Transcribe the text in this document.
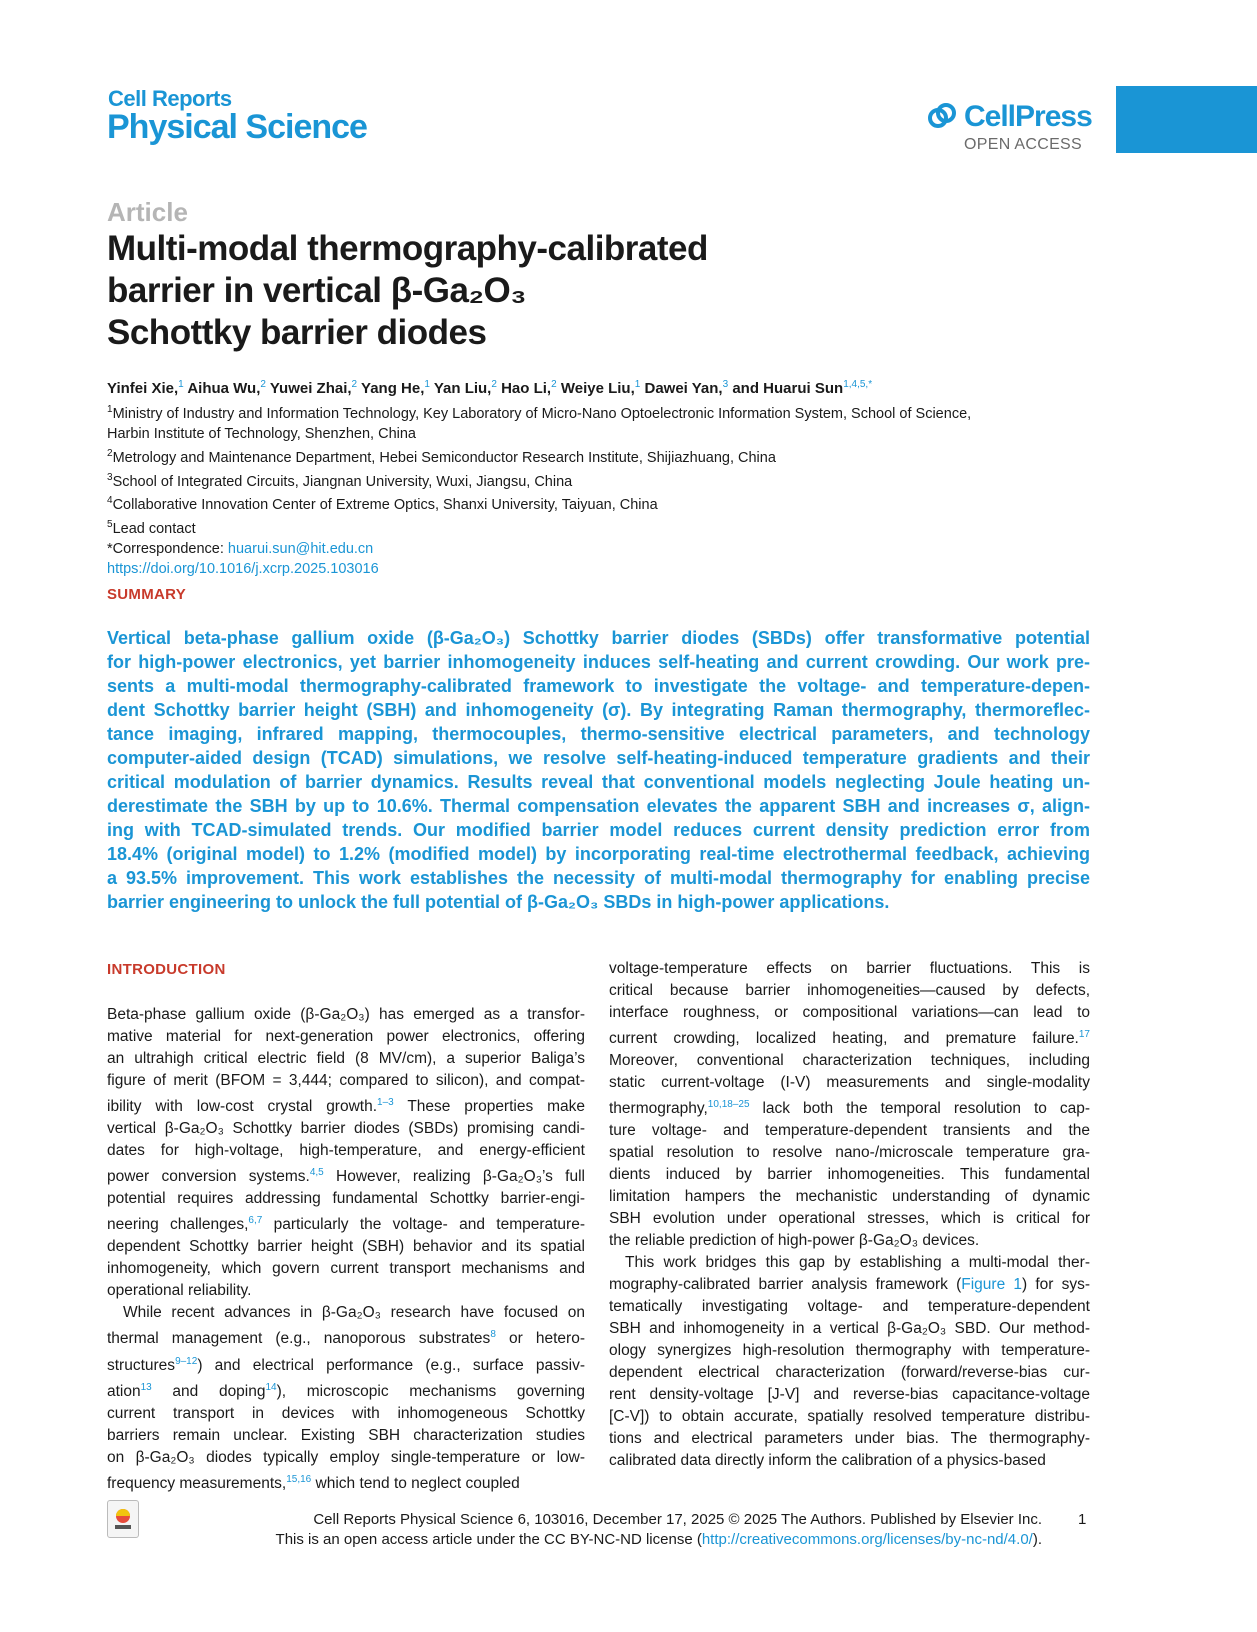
Cell Reports
Physical Science	CellPress
OPEN ACCESS
Article
Multi-modal thermography-calibrated
barrier in vertical β-Ga₂O₃
Schottky barrier diodes
Yinfei Xie,$^1$ Aihua Wu,$^2$ Yuwei Zhai,$^2$ Yang He,$^1$ Yan Liu,$^2$ Hao Li,$^2$ Weiye Liu,$^1$ Dawei Yan,$^3$ and Huarui Sun$^{1,4,5,*}$
$^1$Ministry of Industry and Information Technology, Key Laboratory of Micro-Nano Optoelectronic Information System, School of Science,
Harbin Institute of Technology, Shenzhen, China
$^2$Metrology and Maintenance Department, Hebei Semiconductor Research Institute, Shijiazhuang, China
$^3$School of Integrated Circuits, Jiangnan University, Wuxi, Jiangsu, China
$^4$Collaborative Innovation Center of Extreme Optics, Shanxi University, Taiyuan, China
$^5$Lead contact
*Correspondence: huarui.sun@hit.edu.cn
https://doi.org/10.1016/j.xcrp.2025.103016
SUMMARY
Vertical beta-phase gallium oxide (β-Ga₂O₃) Schottky barrier diodes (SBDs) offer transformative potential
for high-power electronics, yet barrier inhomogeneity induces self-heating and current crowding. Our work pre-
sents a multi-modal thermography-calibrated framework to investigate the voltage- and temperature-depen-
dent Schottky barrier height (SBH) and inhomogeneity (σ). By integrating Raman thermography, thermoreflec-
tance imaging, infrared mapping, thermocouples, thermo-sensitive electrical parameters, and technology
computer-aided design (TCAD) simulations, we resolve self-heating-induced temperature gradients and their
critical modulation of barrier dynamics. Results reveal that conventional models neglecting Joule heating un-
derestimate the SBH by up to 10.6%. Thermal compensation elevates the apparent SBH and increases σ, align-
ing with TCAD-simulated trends. Our modified barrier model reduces current density prediction error from
18.4% (original model) to 1.2% (modified model) by incorporating real-time electrothermal feedback, achieving
a 93.5% improvement. This work establishes the necessity of multi-modal thermography for enabling precise
barrier engineering to unlock the full potential of β-Ga₂O₃ SBDs in high-power applications.
INTRODUCTION
Beta-phase gallium oxide (β-Ga₂O₃) has emerged as a transfor-
mative material for next-generation power electronics, offering
an ultrahigh critical electric field (8 MV/cm), a superior Baliga’s
figure of merit (BFOM = 3,444; compared to silicon), and compat-
ibility with low-cost crystal growth.$^{1-3}$ These properties make
vertical β-Ga₂O₃ Schottky barrier diodes (SBDs) promising candi-
dates for high-voltage, high-temperature, and energy-efficient
power conversion systems.$^{4,5}$ However, realizing β-Ga₂O₃’s full
potential requires addressing fundamental Schottky barrier-engi-
neering challenges,$^{6,7}$ particularly the voltage- and temperature-
dependent Schottky barrier height (SBH) behavior and its spatial
inhomogeneity, which govern current transport mechanisms and
operational reliability.
While recent advances in β-Ga₂O₃ research have focused on
thermal management (e.g., nanoporous substrates$^8$ or hetero-
structures$^{9-12}$) and electrical performance (e.g., surface passiv-
ation$^{13}$ and doping$^{14}$), microscopic mechanisms governing
current transport in devices with inhomogeneous Schottky
barriers remain unclear. Existing SBH characterization studies
on β-Ga₂O₃ diodes typically employ single-temperature or low-
frequency measurements,$^{15,16}$ which tend to neglect coupled
voltage-temperature effects on barrier fluctuations. This is
critical because barrier inhomogeneities—caused by defects,
interface roughness, or compositional variations—can lead to
current crowding, localized heating, and premature failure.$^{17}$
Moreover, conventional characterization techniques, including
static current-voltage (I-V) measurements and single-modality
thermography,$^{10,18-25}$ lack both the temporal resolution to cap-
ture voltage- and temperature-dependent transients and the
spatial resolution to resolve nano-/microscale temperature gra-
dients induced by barrier inhomogeneities. This fundamental
limitation hampers the mechanistic understanding of dynamic
SBH evolution under operational stresses, which is critical for
the reliable prediction of high-power β-Ga₂O₃ devices.
This work bridges this gap by establishing a multi-modal ther-
mography-calibrated barrier analysis framework (Figure 1) for sys-
tematically investigating voltage- and temperature-dependent
SBH and inhomogeneity in a vertical β-Ga₂O₃ SBD. Our method-
ology synergizes high-resolution thermography with temperature-
dependent electrical characterization (forward/reverse-bias cur-
rent density-voltage [J-V] and reverse-bias capacitance-voltage
[C-V]) to obtain accurate, spatially resolved temperature distribu-
tions and electrical parameters under bias. The thermography-
calibrated data directly inform the calibration of a physics-based
Cell Reports Physical Science 6, 103016, December 17, 2025 © 2025 The Authors. Published by Elsevier Inc. 1
This is an open access article under the CC BY-NC-ND license (http://creativecommons.org/licenses/by-nc-nd/4.0/).
